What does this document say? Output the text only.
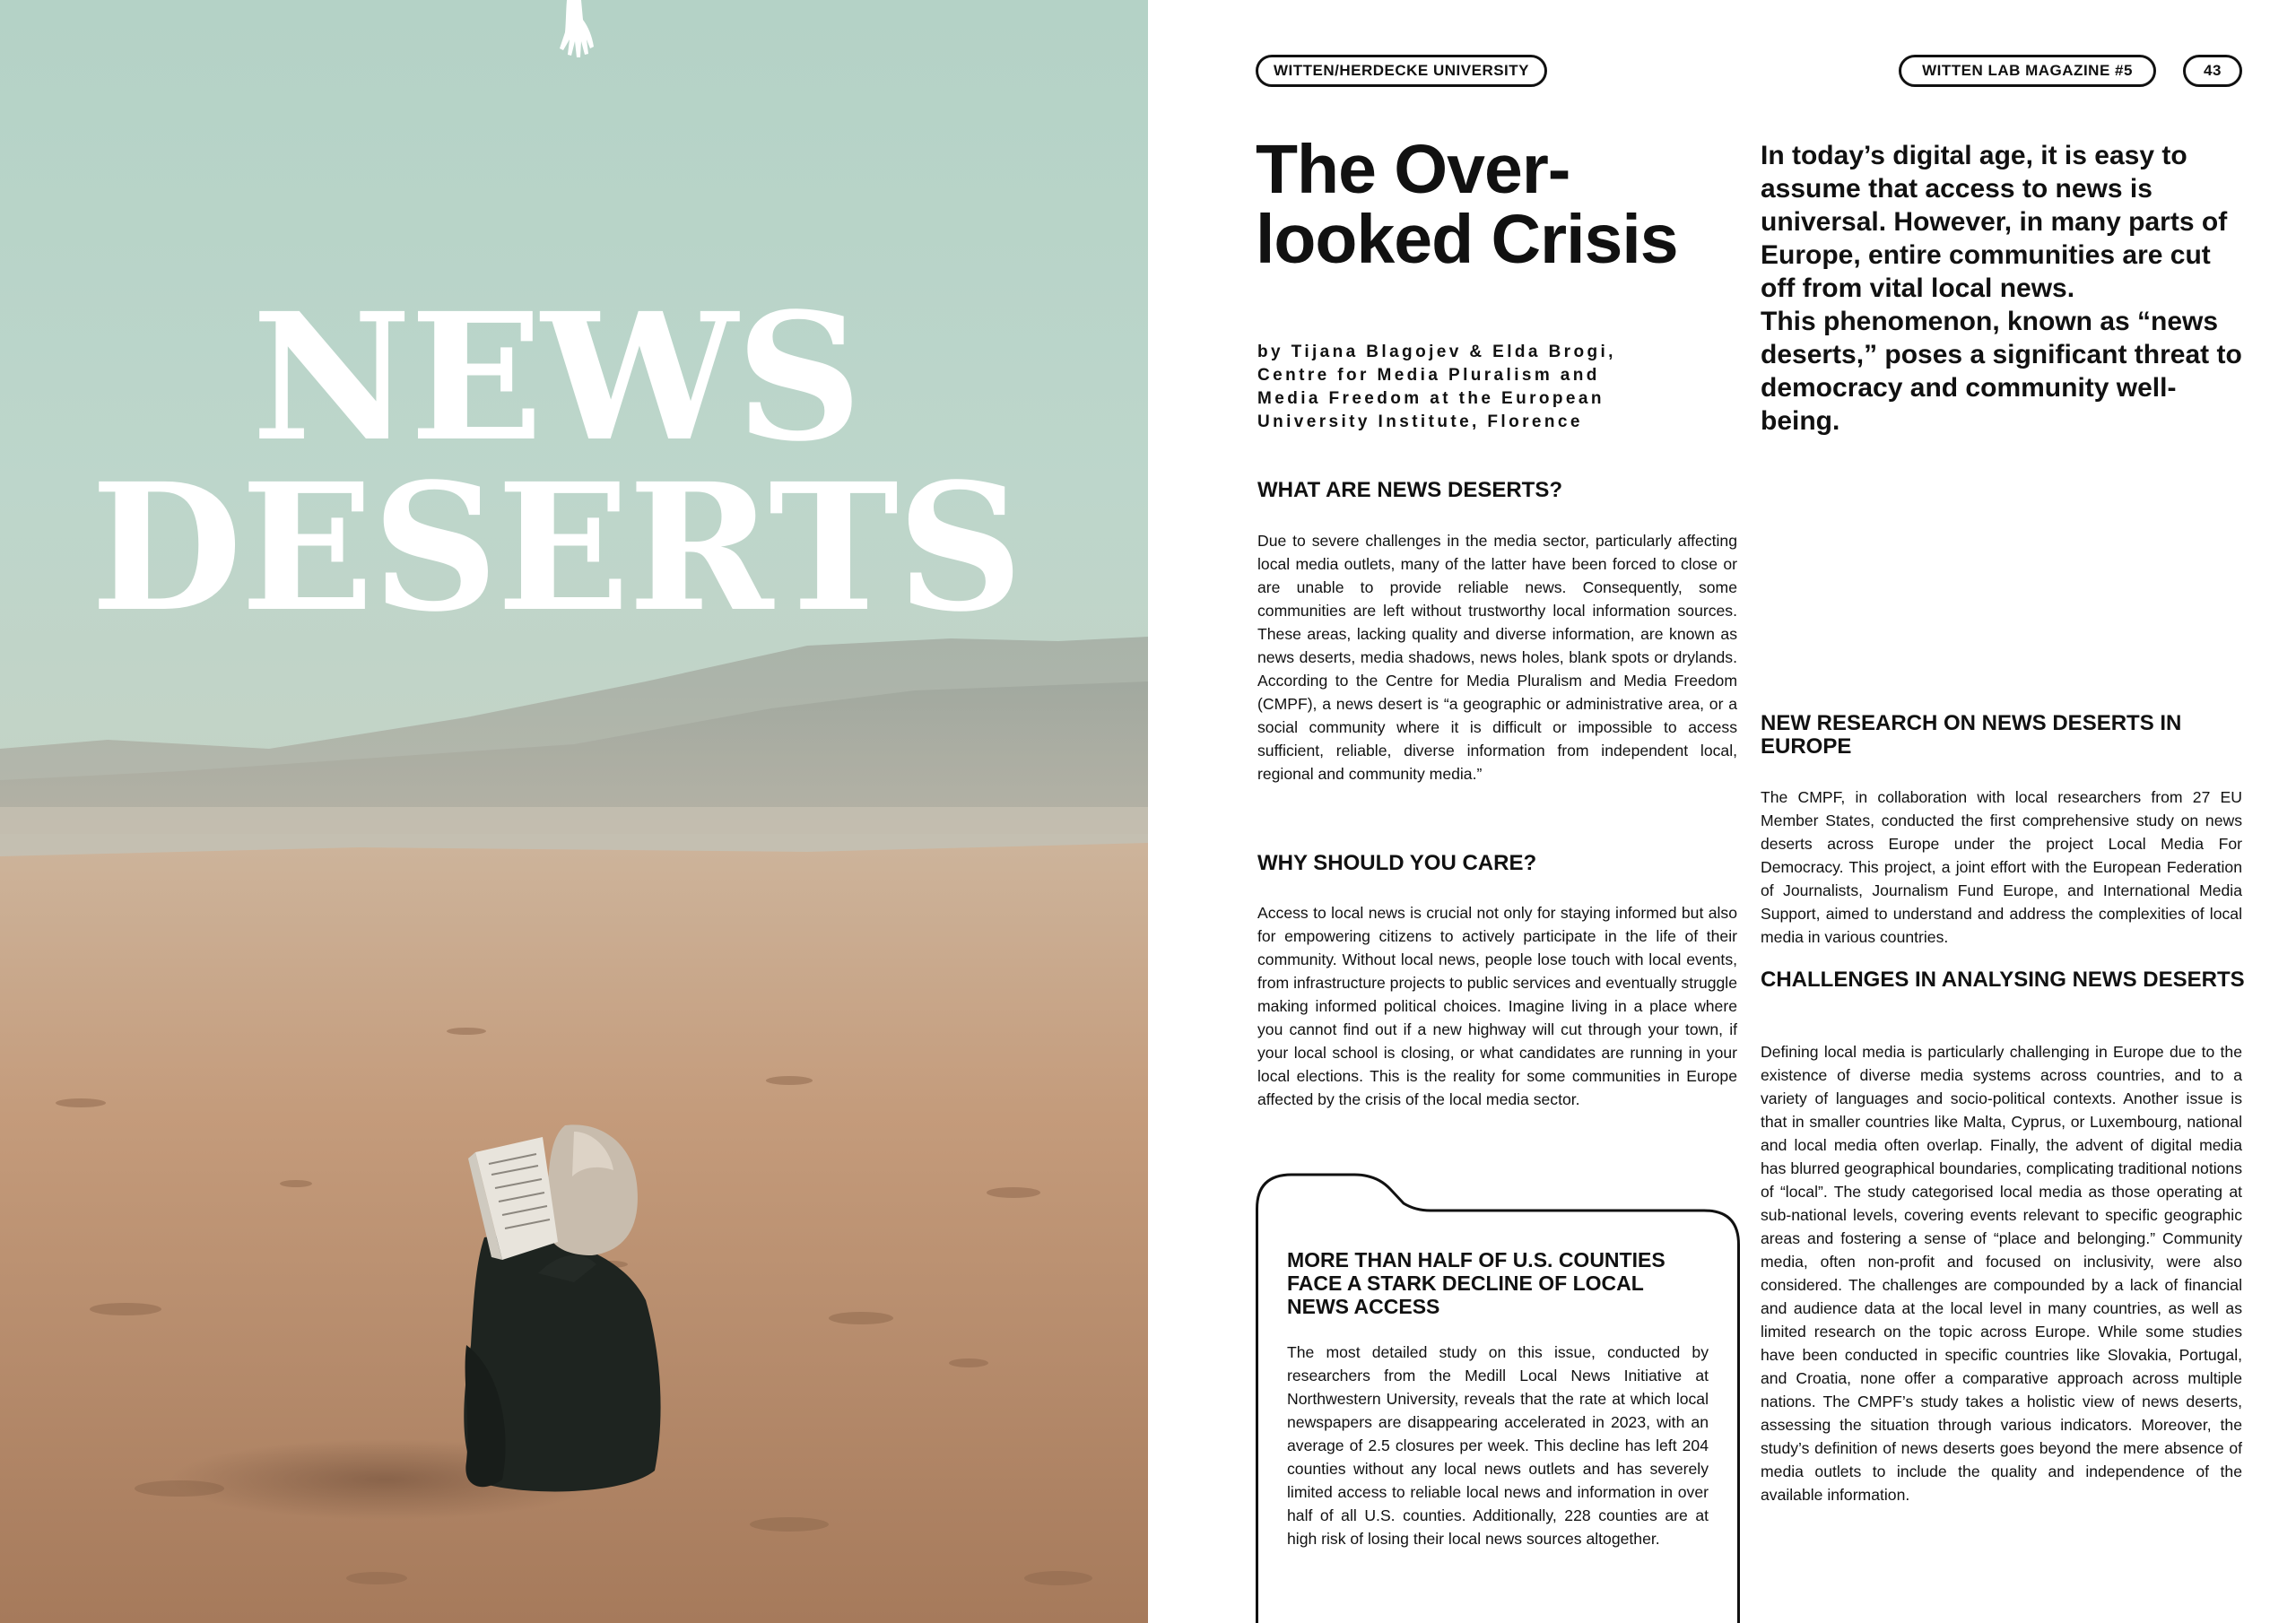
NEWS
DESERTS
WITTEN/HERDECKE UNIVERSITY	WITTEN LAB MAGAZINE #5	43
The Over-
looked Crisis
by Tijana Blagojev & Elda Brogi,
Centre for Media Pluralism and
Media Freedom at the European
University Institute, Florence

In today’s digital age, it is easy to assume that access to news is universal. However, in many parts of Europe, entire communities are cut off from vital local news.
This phenomenon, known as “news deserts,” poses a significant threat to democracy and community well-being.

WHAT ARE NEWS DESERTS?

Due to severe challenges in the media sector, particularly affecting local media outlets, many of the latter have been forced to close or are unable to provide reliable news. Consequently, some communities are left without trustworthy local information sources. These areas, lacking quality and diverse information, are known as news deserts, media shadows, news holes, blank spots or drylands. According to the Centre for Media Pluralism and Media Freedom (CMPF), a news desert is “a geographic or administrative area, or a social community where it is difficult or impossible to access sufficient, reliable, diverse information from independent local, regional and community media.”

WHY SHOULD YOU CARE?

Access to local news is crucial not only for staying informed but also for empowering citizens to actively participate in the life of their community. Without local news, people lose touch with local events, from infrastructure projects to public services and eventually struggle making informed political choices. Imagine living in a place where you cannot find out if a new highway will cut through your town, if your local school is closing, or what candidates are running in your local elections. This is the reality for some communities in Europe affected by the crisis of the local media sector.

NEW RESEARCH ON NEWS DESERTS IN EUROPE

The CMPF, in collaboration with local researchers from 27 EU Member States, conducted the first comprehensive study on news deserts across Europe under the project Local Media For Democracy. This project, a joint effort with the European Federation of Journalists, Journalism Fund Europe, and International Media Support, aimed to understand and address the complexities of local media in various countries.

CHALLENGES IN ANALYSING NEWS DESERTS

Defining local media is particularly challenging in Europe due to the existence of diverse media systems across countries, and to a variety of languages and socio-political contexts. Another issue is that in smaller countries like Malta, Cyprus, or Luxembourg, national and local media often overlap. Finally, the advent of digital media has blurred geographical boundaries, complicating traditional notions of “local”. The study categorised local media as those operating at sub-national levels, covering events relevant to specific geographic areas and fostering a sense of “place and belonging.” Community media, often non-profit and focused on inclusivity, were also considered. The challenges are compounded by a lack of financial and audience data at the local level in many countries, as well as limited research on the topic across Europe. While some studies have been conducted in specific countries like Slovakia, Portugal, and Croatia, none offer a comparative approach across multiple nations. The CMPF’s study takes a holistic view of news deserts, assessing the situation through various indicators. Moreover, the study’s definition of news deserts goes beyond the mere absence of media outlets to include the quality and independence of the available information.

MORE THAN HALF OF U.S. COUNTIES FACE A STARK DECLINE OF LOCAL NEWS ACCESS

The most detailed study on this issue, conducted by researchers from the Medill Local News Initiative at Northwestern University, reveals that the rate at which local newspapers are disappearing accelerated in 2023, with an average of 2.5 closures per week. This decline has left 204 counties without any local news outlets and has severely limited access to reliable local news and information in over half of all U.S. counties. Additionally, 228 counties are at high risk of losing their local news sources altogether.
